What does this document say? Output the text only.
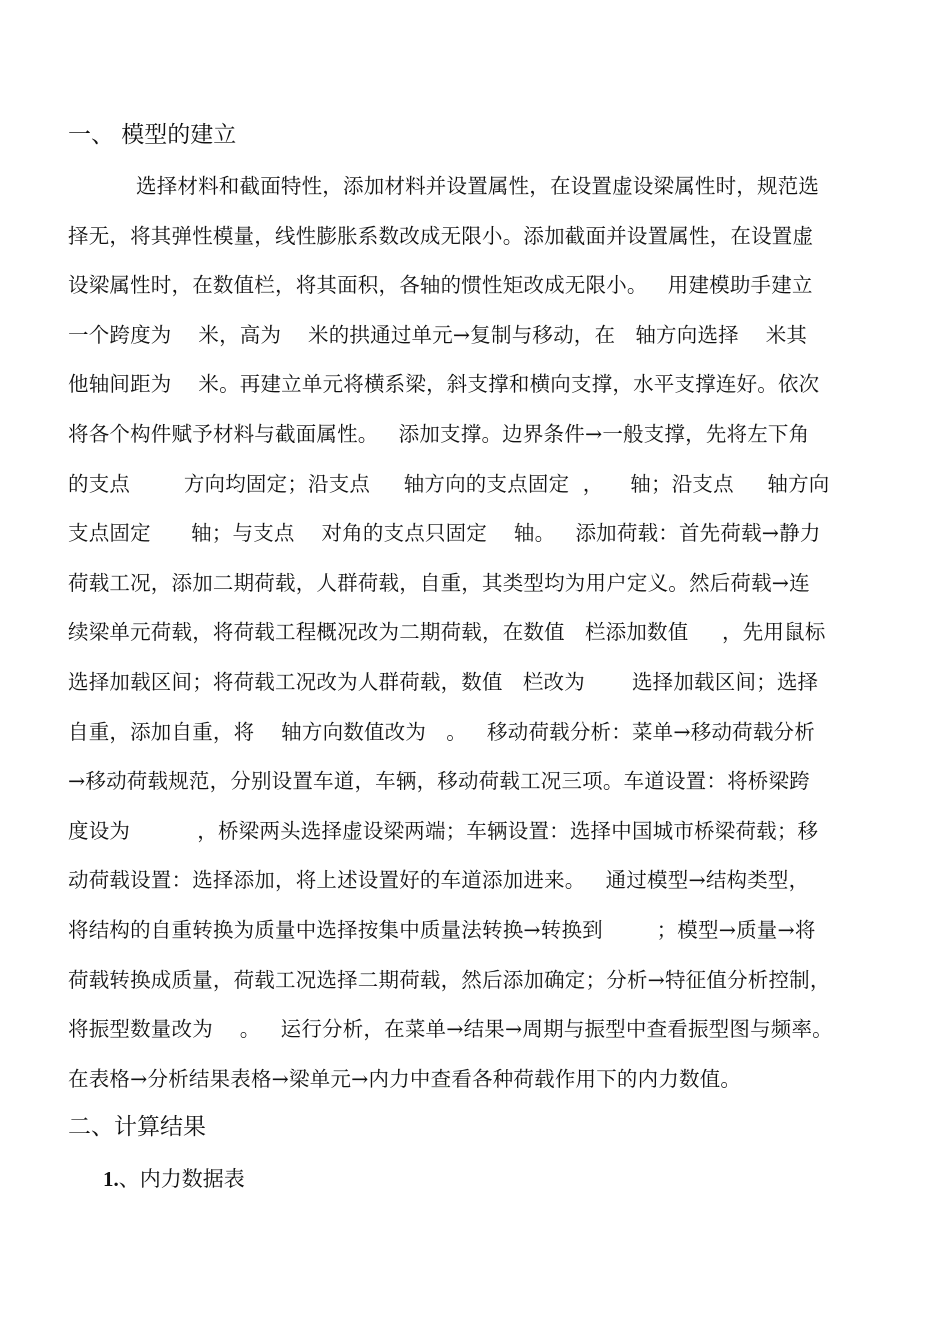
一、 模型的建立
选择材料和截面特性，添加材料并设置属性，在设置虚设梁属性时，规范选
择无，将其弹性模量，线性膨胀系数改成无限小。添加截面并设置属性，在设置虚
设梁属性时，在数值栏，将其面积，各轴的惯性矩改成无限小。   用建模助手建立
一个跨度为    米，高为    米的拱通过单元→复制与移动，在   轴方向选择    米其
他轴间距为    米。再建立单元将横系梁，斜支撑和横向支撑，水平支撑连好。依次
将各个构件赋予材料与截面属性。   添加支撑。边界条件→一般支撑，先将左下角
的支点        方向均固定；沿支点     轴方向的支点固定  ，    轴；沿支点     轴方向
支点固定      轴；与支点    对角的支点只固定    轴。   添加荷载：首先荷载→静力
荷载工况，添加二期荷载，人群荷载，自重，其类型均为用户定义。然后荷载→连
续梁单元荷载，将荷载工程概况改为二期荷载，在数值   栏添加数值     ，先用鼠标
选择加载区间；将荷载工况改为人群荷载，数值   栏改为       选择加载区间；选择
自重，添加自重，将    轴方向数值改为   。   移动荷载分析：菜单→移动荷载分析
→移动荷载规范，分别设置车道，车辆，移动荷载工况三项。车道设置：将桥梁跨
度设为          ，桥梁两头选择虚设梁两端；车辆设置：选择中国城市桥梁荷载；移
动荷载设置：选择添加，将上述设置好的车道添加进来。   通过模型→结构类型，
将结构的自重转换为质量中选择按集中质量法转换→转换到        ；模型→质量→将
荷载转换成质量，荷载工况选择二期荷载，然后添加确定；分析→特征值分析控制，
将振型数量改为    。   运行分析，在菜单→结果→周期与振型中查看振型图与频率。
在表格→分析结果表格→梁单元→内力中查看各种荷载作用下的内力数值。
二、计算结果
1.、内力数据表
